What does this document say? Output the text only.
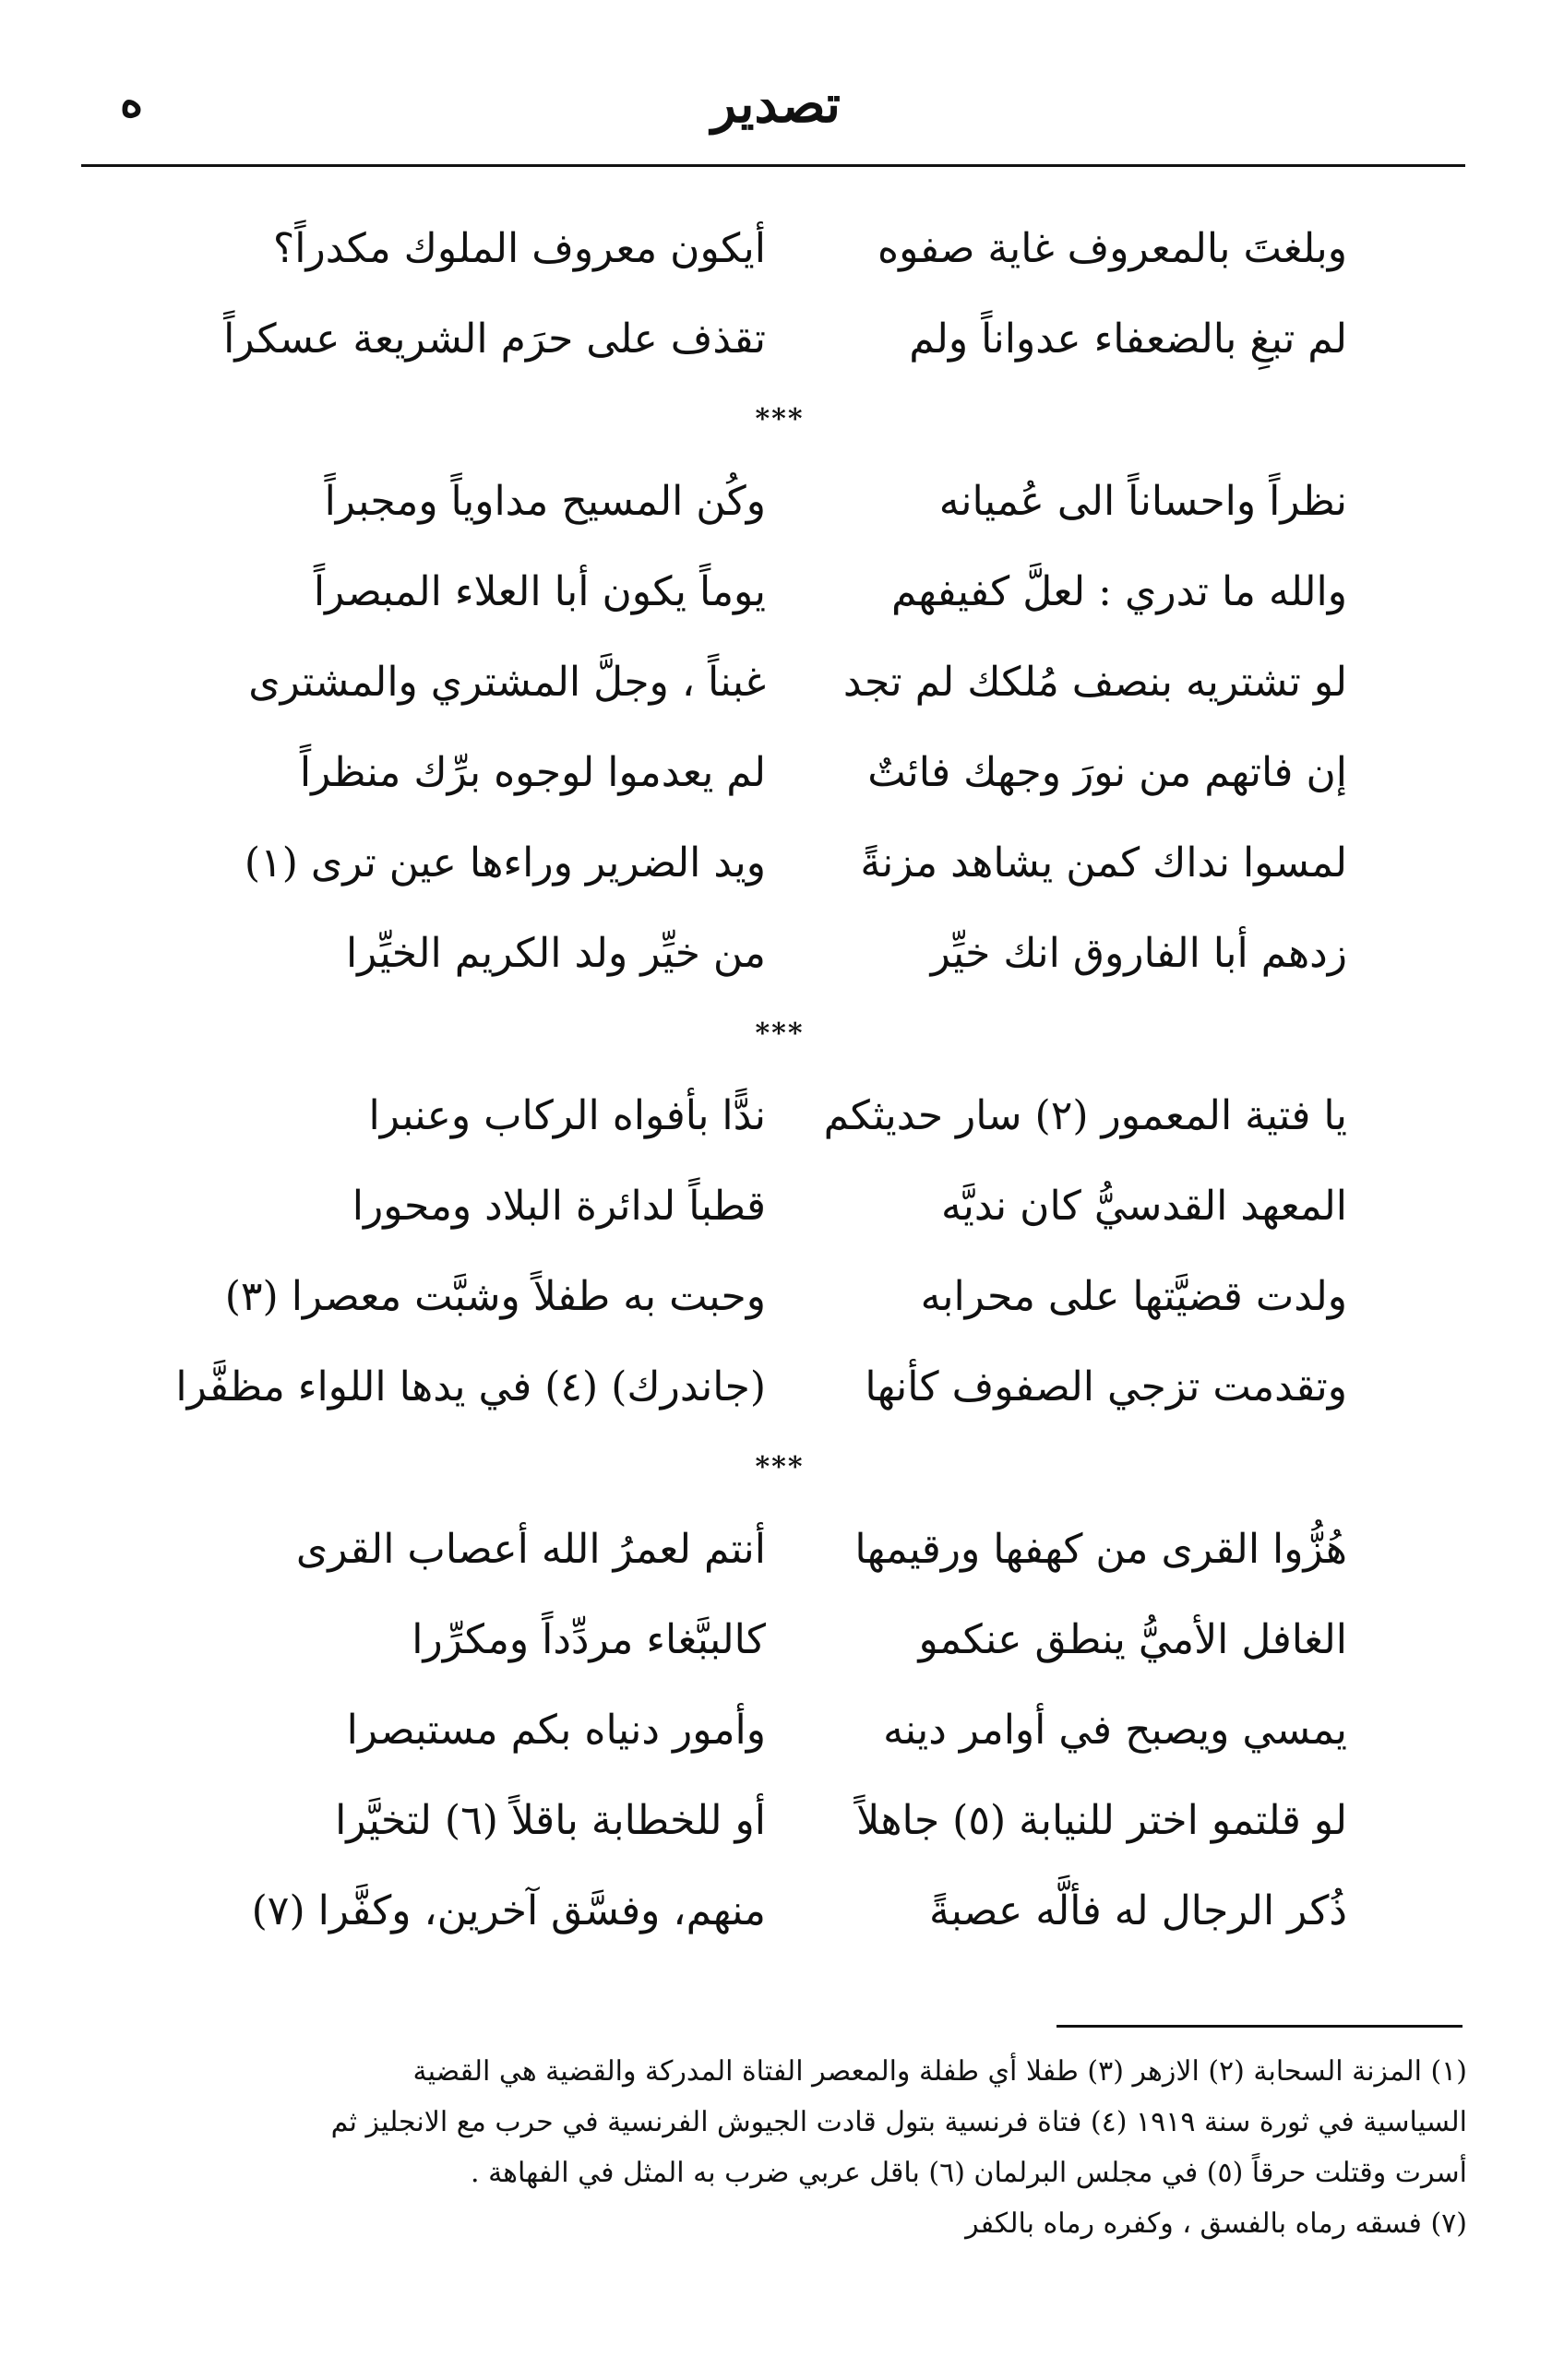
تصدير
ه
وبلغتَ بالمعروف غاية صفوه
أيكون معروف الملوك مكدراً؟
لم تبغِ بالضعفاء عدواناً ولم
تقذف على حرَم الشريعة عسكراً
***
نظراً واحساناً الى عُميانه
وكُن المسيح مداوياً ومجبراً
والله ما تدري : لعلَّ كفيفهم
يوماً يكون أبا العلاء المبصراً
لو تشتريه بنصف مُلكك لم تجد
غبناً ، وجلَّ المشتري والمشترى
إن فاتهم من نورَ وجهك فائتٌ
لم يعدموا لوجوه برِّك منظراً
لمسوا نداك كمن يشاهد مزنةً
ويد الضرير وراءها عين ترى (١)
زدهم أبا الفاروق انك خيِّر
من خيِّر ولد الكريم الخيِّرا
***
يا فتية المعمور (٢) سار حديثكم
ندًّا بأفواه الركاب وعنبرا
المعهد القدسيُّ كان نديَّه
قطباً لدائرة البلاد ومحورا
ولدت قضيَّتها على محرابه
وحبت به طفلاً وشبَّت معصرا (٣)
وتقدمت تزجي الصفوف كأنها
(جاندرك) (٤) في يدها اللواء مظفَّرا
***
هُزُّوا القرى من كهفها ورقيمها
أنتم لعمرُ الله أعصاب القرى
الغافل الأميُّ ينطق عنكمو
كالببَّغاء مردِّداً ومكرِّرا
يمسي ويصبح في أوامر دينه
وأمور دنياه بكم مستبصرا
لو قلتمو اختر للنيابة (٥) جاهلاً
أو للخطابة باقلاً (٦) لتخيَّرا
ذُكر الرجال له فألَّه عصبةً
منهم، وفسَّق آخرين، وكفَّرا (٧)
(١) المزنة السحابة (٢) الازهر (٣) طفلا أي طفلة والمعصر الفتاة المدركة والقضية هي القضية
السياسية في ثورة سنة ١٩١٩ (٤) فتاة فرنسية بتول قادت الجيوش الفرنسية في حرب مع الانجليز ثم
أسرت وقتلت حرقاً (٥) في مجلس البرلمان (٦) باقل عربي ضرب به المثل في الفهاهة .
(٧) فسقه رماه بالفسق ، وكفره رماه بالكفر
